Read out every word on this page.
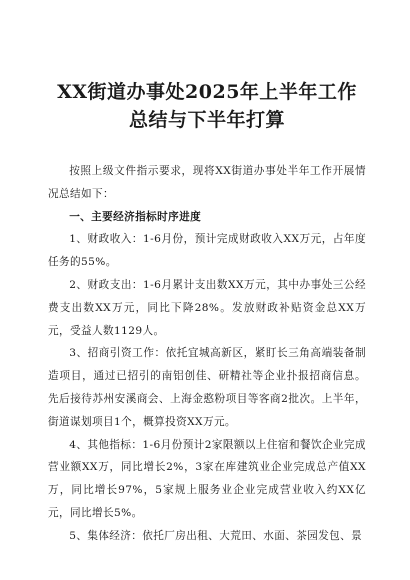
XX街道办事处2025年上半年工作
总结与下半年打算

按照上级文件指示要求，现将XX街道办事处半年工作开展情况总结如下：

一、主要经济指标时序进度

1、财政收入：1-6月份，预计完成财政收入XX万元，占年度任务的55%。

2、财政支出：1-6月累计支出数XX万元，其中办事处三公经费支出数XX万元，同比下降28%。发放财政补贴资金总XX万元，受益人数1129人。

3、招商引资工作：依托宜城高新区，紧盯长三角高端装备制造项目，通过已招引的南铝创佳、研精社等企业扑报招商信息。先后接待苏州安溪商会、上海金憨粉项目等客商2批次。上半年，街道谋划项目1个，概算投资XX万元。

4、其他指标：1-6月份预计2家限额以上住宿和餐饮企业完成营业额XX万，同比增长2%，3家在库建筑业企业完成总产值XX万，同比增长97%，5家规上服务业企业完成营业收入约XX亿元，同比增长5%。

5、集体经济：依托厂房出租、大荒田、水面、茶园发包、景
